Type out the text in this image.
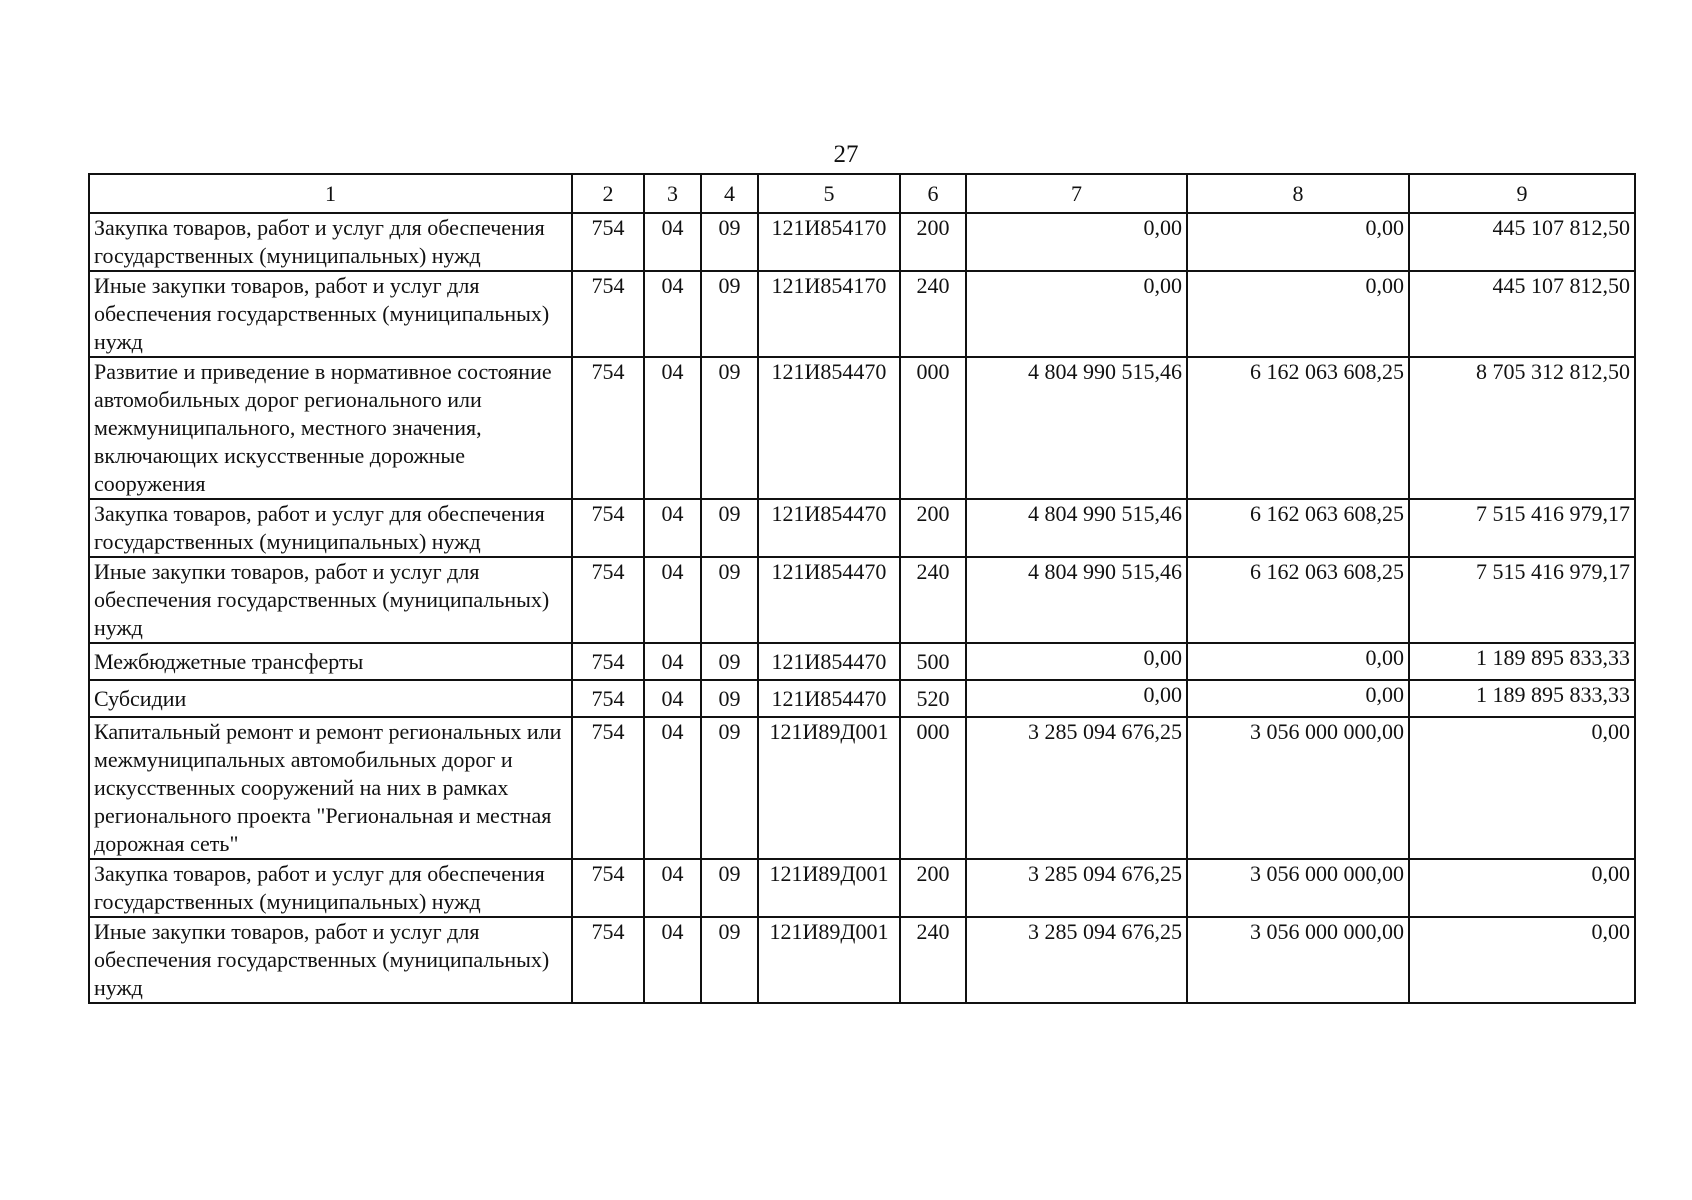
27
1	2	3	4	5	6	7	8	9
Закупка товаров, работ и услуг для обеспечения государственных (муниципальных) нужд	754	04	09	121И854170	200	0,00	0,00	445 107 812,50
Иные закупки товаров, работ и услуг для обеспечения государственных (муниципальных) нужд	754	04	09	121И854170	240	0,00	0,00	445 107 812,50
Развитие и приведение в нормативное состояние автомобильных дорог регионального или межмуниципального, местного значения, включающих искусственные дорожные сооружения	754	04	09	121И854470	000	4 804 990 515,46	6 162 063 608,25	8 705 312 812,50
Закупка товаров, работ и услуг для обеспечения государственных (муниципальных) нужд	754	04	09	121И854470	200	4 804 990 515,46	6 162 063 608,25	7 515 416 979,17
Иные закупки товаров, работ и услуг для обеспечения государственных (муниципальных) нужд	754	04	09	121И854470	240	4 804 990 515,46	6 162 063 608,25	7 515 416 979,17
Межбюджетные трансферты	754	04	09	121И854470	500	0,00	0,00	1 189 895 833,33
Субсидии	754	04	09	121И854470	520	0,00	0,00	1 189 895 833,33
Капитальный ремонт и ремонт региональных или межмуниципальных автомобильных дорог и искусственных сооружений на них в рамках регионального проекта "Региональная и местная дорожная сеть"	754	04	09	121И89Д001	000	3 285 094 676,25	3 056 000 000,00	0,00
Закупка товаров, работ и услуг для обеспечения государственных (муниципальных) нужд	754	04	09	121И89Д001	200	3 285 094 676,25	3 056 000 000,00	0,00
Иные закупки товаров, работ и услуг для обеспечения государственных (муниципальных) нужд	754	04	09	121И89Д001	240	3 285 094 676,25	3 056 000 000,00	0,00
